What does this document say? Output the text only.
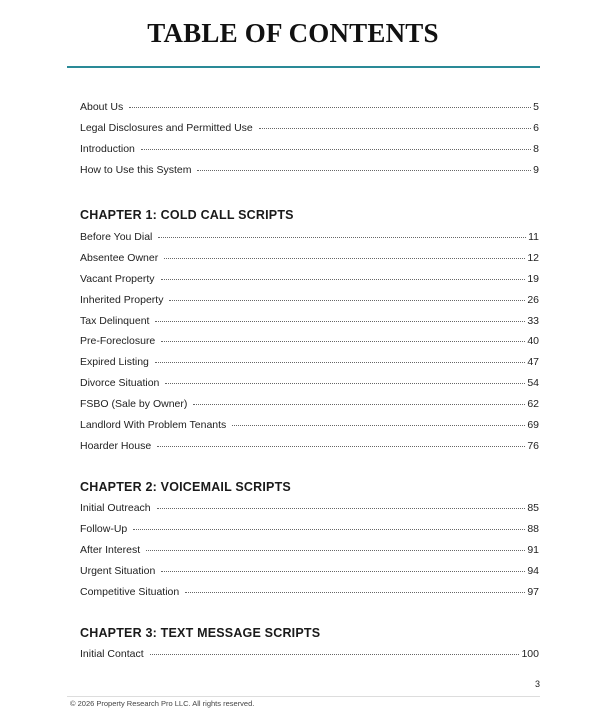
TABLE OF CONTENTS
About Us	5
Legal Disclosures and Permitted Use	6
Introduction	8
How to Use this System	9
CHAPTER 1: COLD CALL SCRIPTS
Before You Dial	11
Absentee Owner	12
Vacant Property	19
Inherited Property	26
Tax Delinquent	33
Pre-Foreclosure	40
Expired Listing	47
Divorce Situation	54
FSBO (Sale by Owner)	62
Landlord With Problem Tenants	69
Hoarder House	76
CHAPTER 2: VOICEMAIL SCRIPTS
Initial Outreach	85
Follow-Up	88
After Interest	91
Urgent Situation	94
Competitive Situation	97
CHAPTER 3: TEXT MESSAGE SCRIPTS
Initial Contact	100
3
© 2026 Property Research Pro LLC. All rights reserved.
